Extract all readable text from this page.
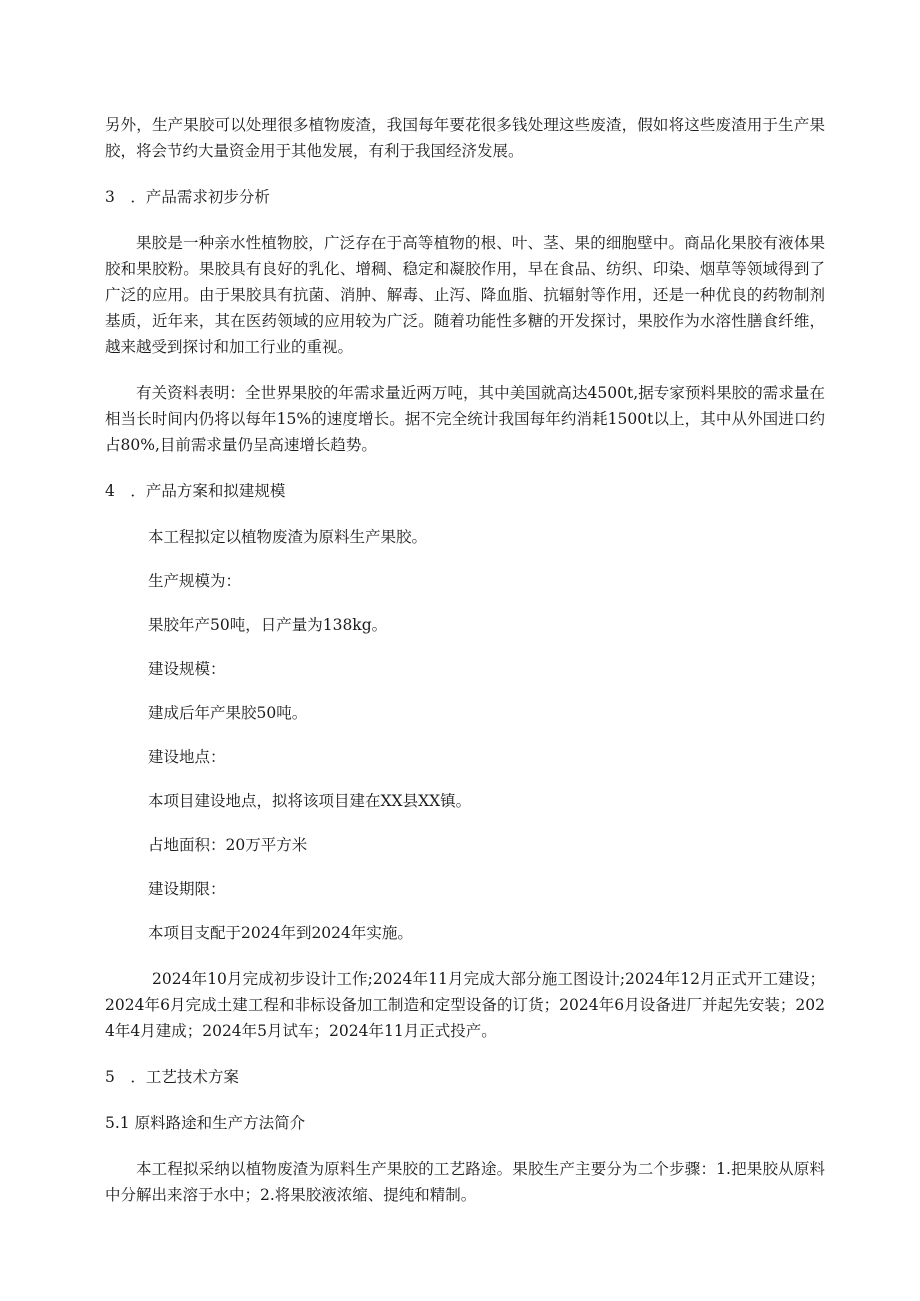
另外，生产果胶可以处理很多植物废渣，我国每年要花很多钱处理这些废渣，假如将这些废渣用于生产果胶，将会节约大量资金用于其他发展，有利于我国经济发展。

3　．产品需求初步分析

果胶是一种亲水性植物胶，广泛存在于高等植物的根、叶、茎、果的细胞壁中。商品化果胶有液体果胶和果胶粉。果胶具有良好的乳化、增稠、稳定和凝胶作用，早在食品、纺织、印染、烟草等领域得到了广泛的应用。由于果胶具有抗菌、消肿、解毒、止泻、降血脂、抗辐射等作用，还是一种优良的药物制剂基质，近年来，其在医药领域的应用较为广泛。随着功能性多糖的开发探讨，果胶作为水溶性膳食纤维，越来越受到探讨和加工行业的重视。

有关资料表明：全世界果胶的年需求量近两万吨，其中美国就高达4500t,据专家预料果胶的需求量在相当长时间内仍将以每年15%的速度增长。据不完全统计我国每年约消耗1500t以上，其中从外国进口约占80%,目前需求量仍呈高速增长趋势。

4　．产品方案和拟建规模

本工程拟定以植物废渣为原料生产果胶。

生产规模为：

果胶年产50吨，日产量为138kg。

建设规模：

建成后年产果胶50吨。

建设地点：

本项目建设地点，拟将该项目建在XX县XX镇。

占地面积：20万平方米

建设期限：

本项目支配于2024年到2024年实施。

2024年10月完成初步设计工作;2024年11月完成大部分施工图设计;2024年12月正式开工建设；2024年6月完成土建工程和非标设备加工制造和定型设备的订货；2024年6月设备进厂并起先安装；2024年4月建成；2024年5月试车；2024年11月正式投产。

5　．工艺技术方案

5.1 原料路途和生产方法简介

本工程拟采纳以植物废渣为原料生产果胶的工艺路途。果胶生产主要分为二个步骤：1.把果胶从原料中分解出来溶于水中；2.将果胶液浓缩、提纯和精制。
